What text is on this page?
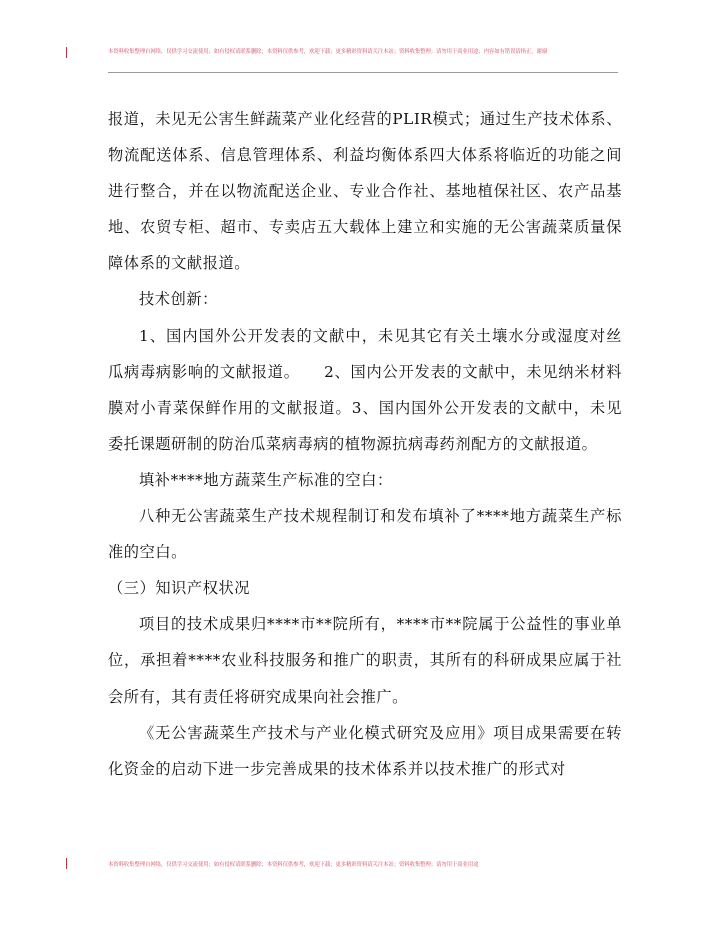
本资料收集整理自网络，仅供学习交流使用；如有侵权请联系删除；本资料仅供参考，欢迎下载；更多精彩资料请关注本站；资料收集整理；请勿用于商业用途；内容如有错误请指正，谢谢

报道，未见无公害生鲜蔬菜产业化经营的PLIR模式；通过生产技术体系、物流配送体系、信息管理体系、利益均衡体系四大体系将临近的功能之间进行整合，并在以物流配送企业、专业合作社、基地植保社区、农产品基地、农贸专柜、超市、专卖店五大载体上建立和实施的无公害蔬菜质量保障体系的文献报道。

技术创新：

1、国内国外公开发表的文献中，未见其它有关土壤水分或湿度对丝瓜病毒病影响的文献报道。　　2、国内公开发表的文献中，未见纳米材料膜对小青菜保鲜作用的文献报道。3、国内国外公开发表的文献中，未见委托课题研制的防治瓜菜病毒病的植物源抗病毒药剂配方的文献报道。

填补****地方蔬菜生产标准的空白：

八种无公害蔬菜生产技术规程制订和发布填补了****地方蔬菜生产标准的空白。

（三）知识产权状况

项目的技术成果归****市**院所有，****市**院属于公益性的事业单位，承担着****农业科技服务和推广的职责，其所有的科研成果应属于社会所有，其有责任将研究成果向社会推广。

《无公害蔬菜生产技术与产业化模式研究及应用》项目成果需要在转化资金的启动下进一步完善成果的技术体系并以技术推广的形式对

本资料收集整理自网络，仅供学习交流使用；如有侵权请联系删除；本资料仅供参考，欢迎下载；更多精彩资料请关注本站；资料收集整理；请勿用于商业用途
